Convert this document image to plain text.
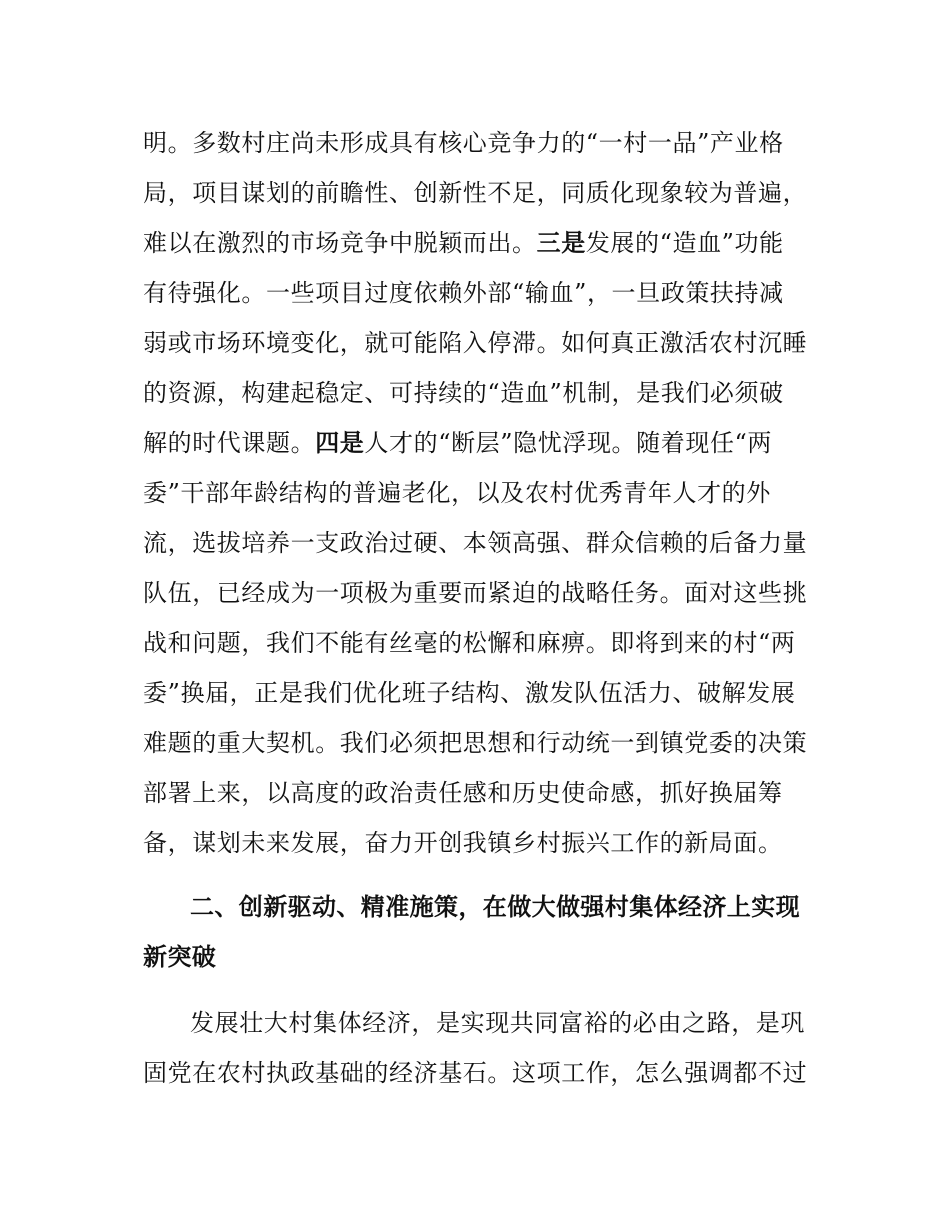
明。多数村庄尚未形成具有核心竞争力的“一村一品”产业格
局，项目谋划的前瞻性、创新性不足，同质化现象较为普遍，
难以在激烈的市场竞争中脱颖而出。三是发展的“造血”功能
有待强化。一些项目过度依赖外部“输血”，一旦政策扶持减
弱或市场环境变化，就可能陷入停滞。如何真正激活农村沉睡
的资源，构建起稳定、可持续的“造血”机制，是我们必须破
解的时代课题。四是人才的“断层”隐忧浮现。随着现任“两
委”干部年龄结构的普遍老化，以及农村优秀青年人才的外
流，选拔培养一支政治过硬、本领高强、群众信赖的后备力量
队伍，已经成为一项极为重要而紧迫的战略任务。面对这些挑
战和问题，我们不能有丝毫的松懈和麻痹。即将到来的村“两
委”换届，正是我们优化班子结构、激发队伍活力、破解发展
难题的重大契机。我们必须把思想和行动统一到镇党委的决策
部署上来，以高度的政治责任感和历史使命感，抓好换届筹
备，谋划未来发展，奋力开创我镇乡村振兴工作的新局面。
二、创新驱动、精准施策，在做大做强村集体经济上实现
新突破
发展壮大村集体经济，是实现共同富裕的必由之路，是巩
固党在农村执政基础的经济基石。这项工作，怎么强调都不过
